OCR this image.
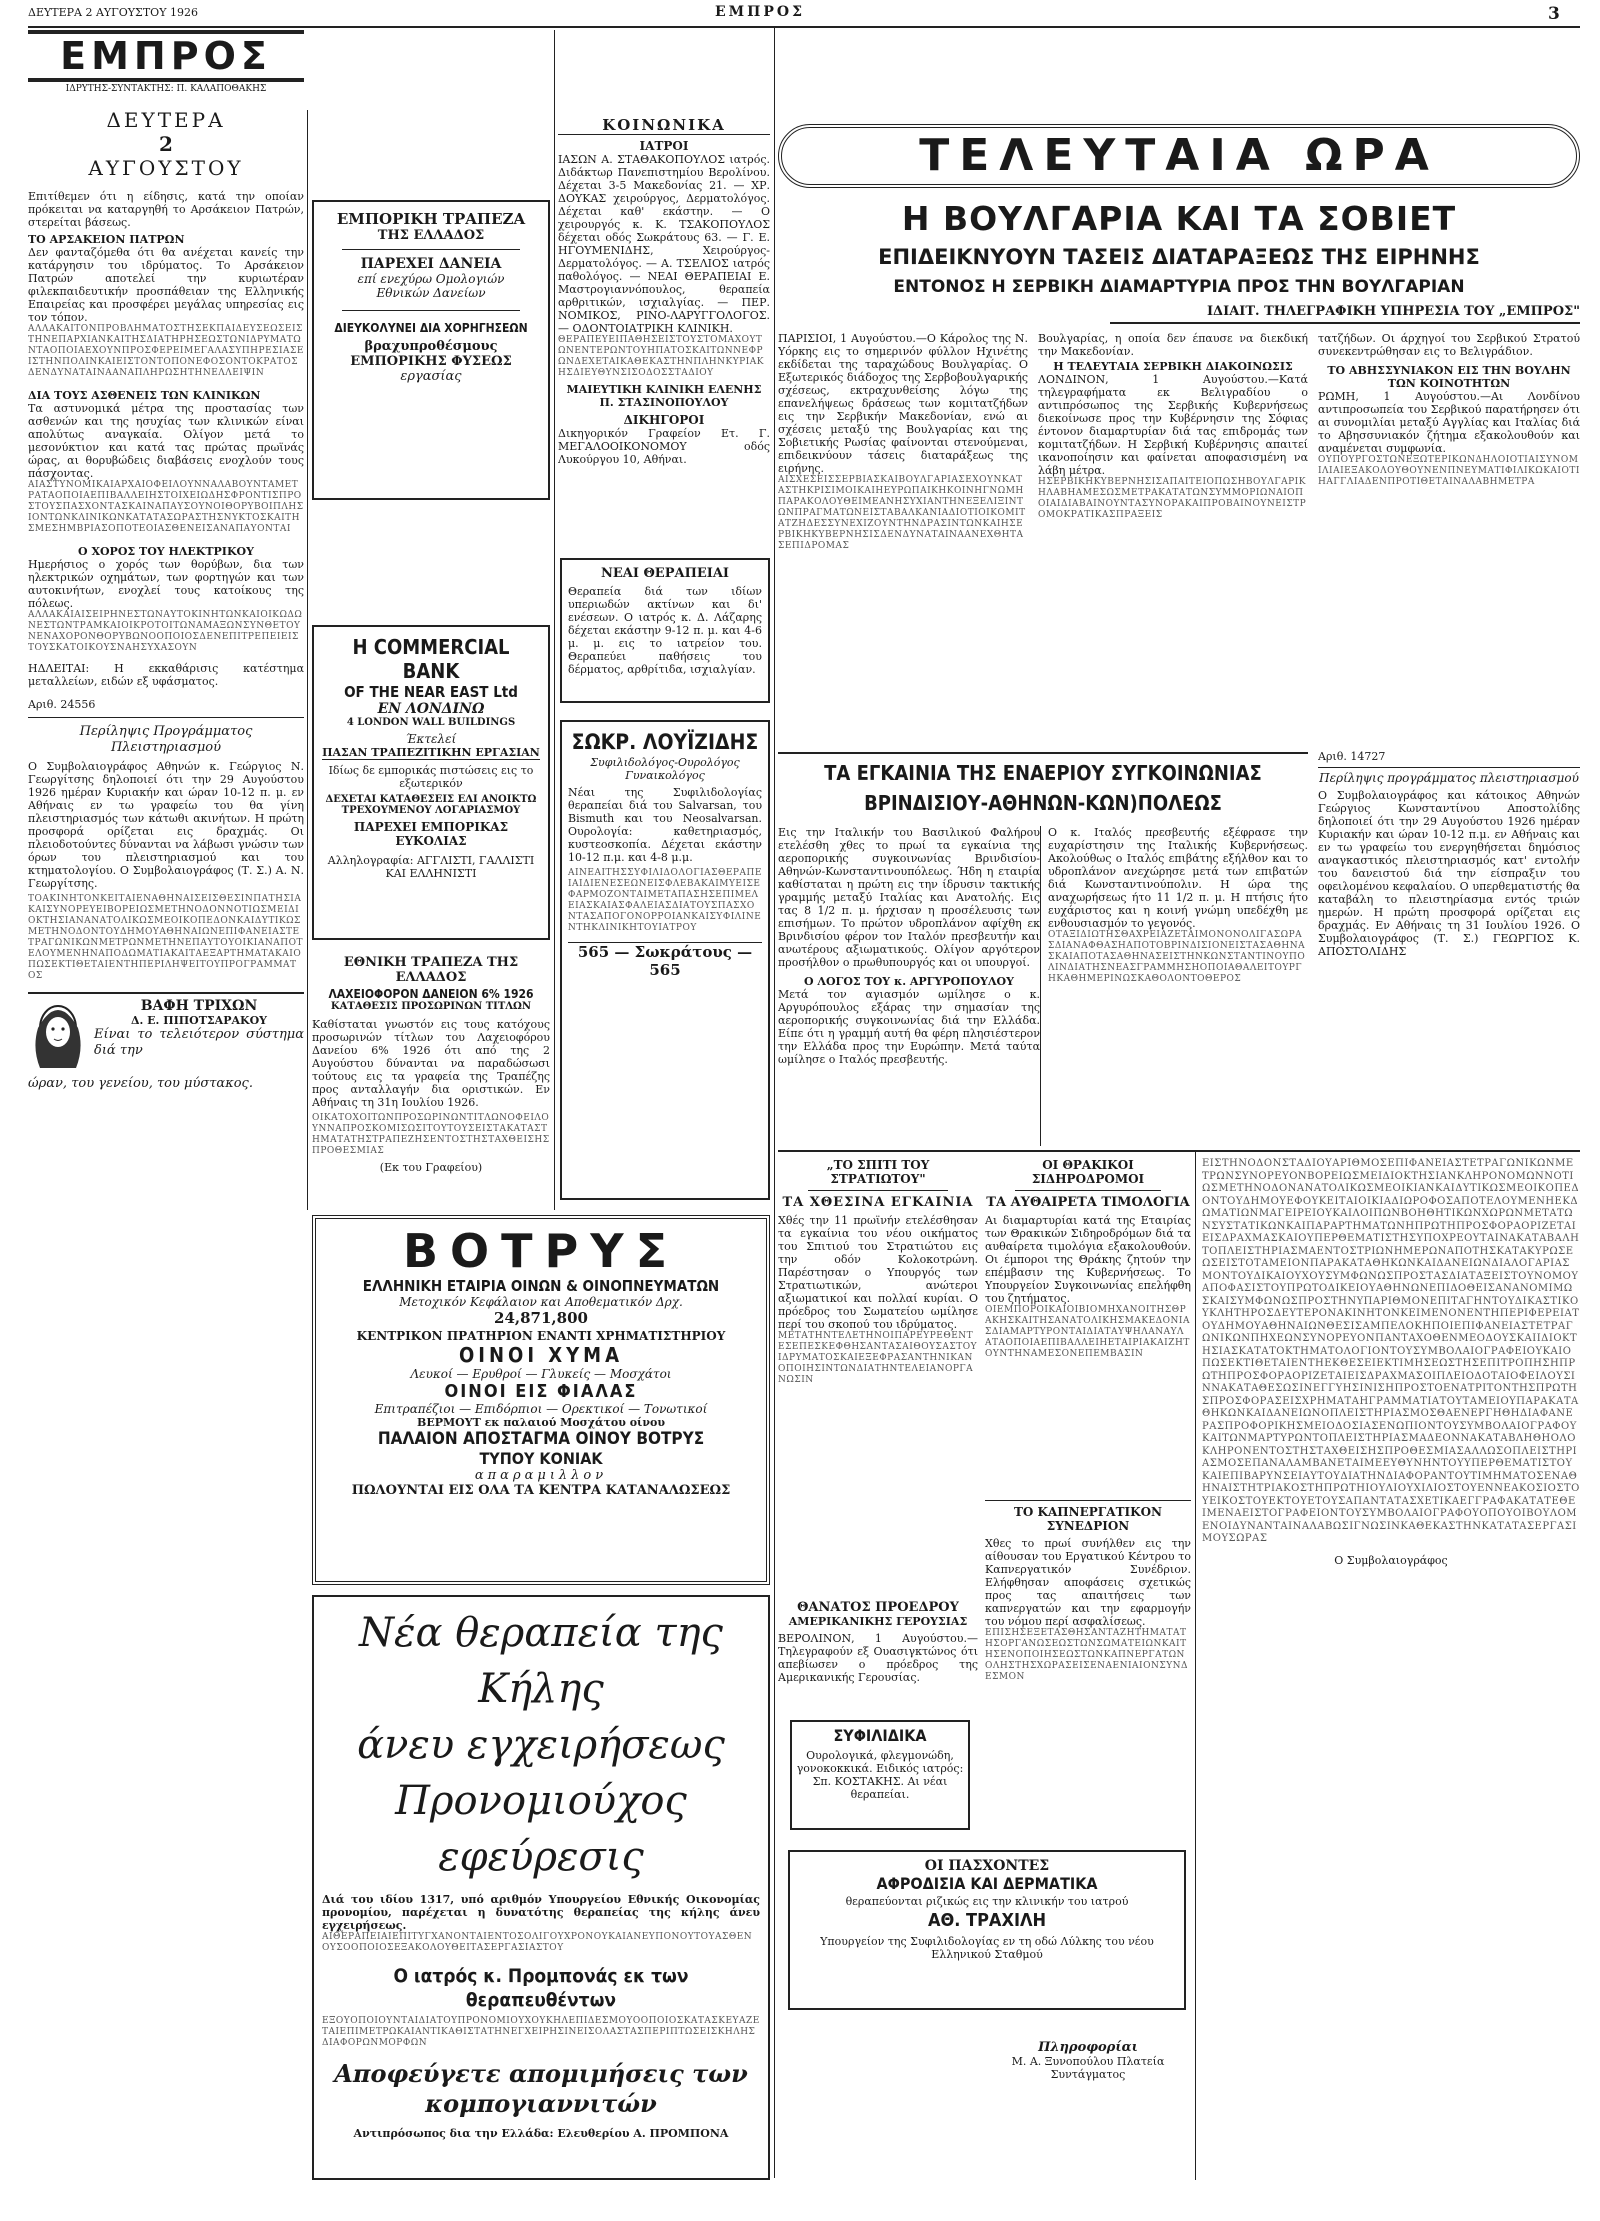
ΔΕΥΤΕΡΑ 2 ΑΥΓΟΥΣΤΟΥ 1926	ΕΜΠΡΟΣ	3
ΕΜΠΡΟΣ
ΙΔΡΥΤΗΣ-ΣΥΝΤΑΚΤΗΣ: Π. ΚΑΛΑΠΟΘΑΚΗΣ
ΔΕΥΤΕΡΑ
2
ΑΥΓΟΥΣΤΟΥ
Επιτίθεμεν ότι η είδησις, κατά την οποίαν πρόκειται να καταργηθή το Αρσάκειον Πατρών, στερείται βάσεως.
ΤΟ ΑΡΣΑΚΕΙΟΝ ΠΑΤΡΩΝ
Δεν φανταζόμεθα ότι θα ανέχεται κανείς την κατάργησιν του ιδρύματος. Το Αρσάκειον Πατρών αποτελεί την κυριωτέραν φιλεκπαιδευτικήν προσπάθειαν της Ελληνικής Επαιρείας και προσφέρει μεγάλας υπηρεσίας εις τον τόπον.
ΑΛΛΑΚΑΙΤΟΝΠΡΟΒΛΗΜΑΤΟΣΤΗΣΕΚΠΑΙΔΕΥΣΕΩΣΕΙΣΤΗΝΕΠΑΡΧΙΑΝΚΑΙΤΗΣΔΙΑΤΗΡΗΣΕΩΣΤΩΝΙΔΡΥΜΑΤΩΝΤΑΟΠΟΙΑΕΧΟΥΝΠΡΟΣΦΕΡΕΙΜΕΓΑΛΑΣΥΠΗΡΕΣΙΑΣΕΙΣΤΗΝΠΟΛΙΝΚΑΙΕΙΣΤΟΝΤΟΠΟΝΕΦΟΣΟΝΤΟΚΡΑΤΟΣΔΕΝΔΥΝΑΤΑΙΝΑΑΝΑΠΛΗΡΩΣΗΤΗΝΕΛΛΕΙΨΙΝ
ΔΙΑ ΤΟΥΣ ΑΣΘΕΝΕΙΣ ΤΩΝ ΚΛΙΝΙΚΩΝ
Τα αστυνομικά μέτρα της προστασίας των ασθενών και της ησυχίας των κλινικών είναι απολύτως αναγκαία. Ολίγον μετά το μεσονύκτιον και κατά τας πρώτας πρωϊνάς ώρας, αι θορυβώδεις διαβάσεις ενοχλούν τους πάσχοντας.
ΑΙΑΣΤΥΝΟΜΙΚΑΙΑΡΧΑΙΟΦΕΙΛΟΥΝΝΑΛΑΒΟΥΝΤΑΜΕΤΡΑΤΑΟΠΟΙΑΕΠΙΒΑΛΛΕΙΗΣΤΟΙΧΕΙΩΔΗΣΦΡΟΝΤΙΣΠΡΟΣΤΟΥΣΠΑΣΧΟΝΤΑΣΚΑΙΝΑΠΑΥΣΟΥΝΟΙΘΟΡΥΒΟΙΠΛΗΣΙΟΝΤΩΝΚΛΙΝΙΚΩΝΚΑΤΑΤΑΣΩΡΑΣΤΗΣΝΥΚΤΟΣΚΑΙΤΗΣΜΕΣΗΜΒΡΙΑΣΟΠΟΤΕΟΙΑΣΘΕΝΕΙΣΑΝΑΠΑΥΟΝΤΑΙ
Ο ΧΟΡΟΣ ΤΟΥ ΗΛΕΚΤΡΙΚΟΥ
Ημερήσιος ο χορός των θορύβων, δια των ηλεκτρικών οχημάτων, των φορτηγών και των αυτοκινήτων, ενοχλεί τους κατοίκους της πόλεως.
ΑΛΛΑΚΑΙΑΙΣΕΙΡΗΝΕΣΤΩΝΑΥΤΟΚΙΝΗΤΩΝΚΑΙΟΙΚΩΔΩΝΕΣΤΩΝΤΡΑΜΚΑΙΟΙΚΡΟΤΟΙΤΩΝΑΜΑΞΩΝΣΥΝΘΕΤΟΥΝΕΝΑΧΟΡΟΝΘΟΡΥΒΩΝΟΟΠΟΙΟΣΔΕΝΕΠΙΤΡΕΠΕΙΕΙΣΤΟΥΣΚΑΤΟΙΚΟΥΣΝΑΗΣΥΧΑΣΟΥΝ
ΗΔΛΕΙΤΑΙ: Η εκκαθάρισις κατέστημα μεταλλείων, ειδών εξ υφάσματος.
Αριθ. 24556
Περίληψις Προγράμματος Πλειστηριασμού
Ο Συμβολαιογράφος Αθηνών κ. Γεώργιος Ν. Γεωργίτσης δηλοποιεί ότι την 29 Αυγούστου 1926 ημέραν Κυριακήν και ώραν 10-12 π. μ. εν Αθήναις εν τω γραφείω του θα γίνη πλειστηριασμός των κάτωθι ακινήτων. Η πρώτη προσφορά ορίζεται εις δραχμάς. Οι πλειοδοτούντες δύνανται να λάβωσι γνώσιν των όρων του πλειστηριασμού και του κτηματολογίου. Ο Συμβολαιογράφος (Τ. Σ.) Α. Ν. Γεωργίτσης.
ΤΟΑΚΙΝΗΤΟΝΚΕΙΤΑΙΕΝΑΘΗΝΑΙΣΕΙΣΘΕΣΙΝΠΑΤΗΣΙΑΚΑΙΣΥΝΟΡΕΥΕΙΒΟΡΕΙΩΣΜΕΤΗΝΟΔΟΝΝΟΤΙΩΣΜΕΙΔΙΟΚΤΗΣΙΑΝΑΝΑΤΟΛΙΚΩΣΜΕΟΙΚΟΠΕΔΟΝΚΑΙΔΥΤΙΚΩΣΜΕΤΗΝΟΔΟΝΤΟΥΔΗΜΟΥΑΘΗΝΑΙΩΝΕΠΙΦΑΝΕΙΑΣΤΕΤΡΑΓΩΝΙΚΩΝΜΕΤΡΩΝΜΕΤΗΝΕΠΑΥΤΟΥΟΙΚΙΑΝΑΠΟΤΕΛΟΥΜΕΝΗΝΑΠΟΔΩΜΑΤΙΑΚΑΙΤΑΕΞΑΡΤΗΜΑΤΑΚΑΙΟΠΩΣΕΚΤΙΘΕΤΑΙΕΝΤΗΠΕΡΙΛΗΨΕΙΤΟΥΠΡΟΓΡΑΜΜΑΤΟΣ
ΒΑΦΗ ΤΡΙΧΩΝ
Δ. Ε. ΠΙΠΟΤΣΑΡΑΚΟΥ
Είναι το τελειότερον σύστημα διά την
ώραν, του γενείου, του μύστακος.
ΕΜΠΟΡΙΚΗ ΤΡΑΠΕΖΑ
ΤΗΣ ΕΛΛΑΔΟΣ
ΠΑΡΕΧΕΙ ΔΑΝΕΙΑ
επί ενεχύρω Ομολογιών
Εθνικών Δανείων
ΔΙΕΥΚΟΛΥΝΕΙ ΔΙΑ ΧΟΡΗΓΗΣΕΩΝ
βραχυπροθέσμους ΕΜΠΟΡΙΚΗΣ ΦΥΣΕΩΣ
εργασίας
Η COMMERCIAL BANK
OF THE NEAR EAST Ltd
ΕΝ ΛΟΝΔΙΝΩ
4 LONDON WALL BUILDINGS
Έκτελεί
ΠΑΣΑΝ ΤΡΑΠΕΖΙΤΙΚΗΝ ΕΡΓΑΣΙΑΝ
Ιδίως δε εμπορικάς πιστώσεις εις το εξωτερικόν
ΔΕΧΕΤΑΙ ΚΑΤΑΘΕΣΕΙΣ ΕΛΙ ΑΝΟΙΚΤΩ
ΤΡΕΧΟΥΜΕΝΟΥ ΛΟΓΑΡΙΑΣΜΟΥ
ΠΑΡΕΧΕΙ ΕΜΠΟΡΙΚΑΣ ΕΥΚΟΛΙΑΣ
Αλληλογραφία: ΑΓΓΛΙΣΤΙ, ΓΑΛΛΙΣΤΙ ΚΑΙ ΕΛΛΗΝΙΣΤΙ
ΕΘΝΙΚΗ ΤΡΑΠΕΖΑ ΤΗΣ ΕΛΛΑΔΟΣ
ΛΑΧΕΙΟΦΟΡΟΝ ΔΑΝΕΙΟΝ 6% 1926
ΚΑΤΑΘΕΣΙΣ ΠΡΟΣΩΡΙΝΩΝ ΤΙΤΛΩΝ
Καθίσταται γνωστόν εις τους κατόχους προσωρινών τίτλων του Λαχειοφόρου Δανείου 6% 1926 ότι από της 2 Αυγούστου δύνανται να παραδώσωσι τούτους εις τα γραφεία της Τραπέζης προς ανταλλαγήν δια οριστικών. Εν Αθήναις τη 31η Ιουλίου 1926.
ΟΙΚΑΤΟΧΟΙΤΩΝΠΡΟΣΩΡΙΝΩΝΤΙΤΛΩΝΟΦΕΙΛΟΥΝΝΑΠΡΟΣΚΟΜΙΣΩΣΙΤΟΥΤΟΥΣΕΙΣΤΑΚΑΤΑΣΤΗΜΑΤΑΤΗΣΤΡΑΠΕΖΗΣΕΝΤΟΣΤΗΣΤΑΧΘΕΙΣΗΣΠΡΟΘΕΣΜΙΑΣ
(Εκ του Γραφείου)
ΚΟΙΝΩΝΙΚΑ
ΙΑΤΡΟΙ
ΙΑΣΩΝ Α. ΣΤΑΘΑΚΟΠΟΥΛΟΣ ιατρός. Διδάκτωρ Πανεπιστημίου Βερολίνου. Δέχεται 3-5 Μακεδονίας 21. — ΧΡ. ΔΟΥΚΑΣ χειρούργος, Δερματολόγος. Δέχεται καθ' εκάστην. — Ο χειρουργός κ. Κ. ΤΣΑΚΟΠΟΥΛΟΣ δέχεται οδός Σωκράτους 63. — Γ. Ε. ΗΓΟΥΜΕΝΙΔΗΣ, Χειρούργος-Δερματολόγος. — Α. ΤΣΕΛΙΟΣ ιατρός παθολόγος. — ΝΕΑΙ ΘΕΡΑΠΕΙΑΙ Ε. Μαστρογιαννόπουλος, θεραπεία αρθριτικών, ισχιαλγίας. — ΠΕΡ. ΝΟΜΙΚΟΣ, ΡΙΝΟ-ΛΑΡΥΓΓΟΛΟΓΟΣ. — ΟΔΟΝΤΟΙΑΤΡΙΚΗ ΚΛΙΝΙΚΗ.
ΘΕΡΑΠΕΥΕΙΠΑΘΗΣΕΙΣΤΟΥΣΤΟΜΑΧΟΥΤΩΝΕΝΤΕΡΩΝΤΟΥΗΠΑΤΟΣΚΑΙΤΩΝΝΕΦΡΩΝΔΕΧΕΤΑΙΚΑΘΕΚΑΣΤΗΝΠΛΗΝΚΥΡΙΑΚΗΣΔΙΕΥΘΥΝΣΙΣΟΔΟΣΣΤΑΔΙΟΥ
ΜΑΙΕΥΤΙΚΗ ΚΛΙΝΙΚΗ ΕΛΕΝΗΣ Π. ΣΤΑΣΙΝΟΠΟΥΛΟΥ
ΔΙΚΗΓΟΡΟΙ
Δικηγορικόν Γραφείον Ετ. Γ. ΜΕΓΑΛΟΟΙΚΟΝΟΜΟΥ οδός Λυκούργου 10, Αθήναι.
ΝΕΑΙ ΘΕΡΑΠΕΙΑΙ
Θεραπεία διά των ιδίων υπεριωδών ακτίνων και δι' ενέσεων. Ο ιατρός κ. Δ. Λάζαρης δέχεται εκάστην 9-12 π. μ. και 4-6 μ. μ. εις το ιατρείον του. Θεραπεύει παθήσεις του δέρματος, αρθρίτιδα, ισχιαλγίαν.
ΣΩΚΡ. ΛΟΥΪΖΙΔΗΣ
Συφιλιδολόγος-Ουρολόγος Γυναικολόγος
Νέαι της Συφιλιδολογίας θεραπείαι διά του Salvarsan, του Bismuth και του Neosalvarsan. Ουρολογία: καθετηριασμός, κυστεοσκοπία. Δέχεται εκάστην 10-12 π.μ. και 4-8 μ.μ.
ΑΙΝΕΑΙΤΗΣΣΥΦΙΛΙΔΟΛΟΓΙΑΣΘΕΡΑΠΕΙΑΙΔΙΕΝΕΣΕΩΝΕΙΣΦΛΕΒΑΚΑΙΜΥΕΙΣΕΦΑΡΜΟΖΟΝΤΑΙΜΕΤΑΠΑΣΗΣΕΠΙΜΕΛΕΙΑΣΚΑΙΑΣΦΑΛΕΙΑΣΔΙΑΤΟΥΣΠΑΣΧΟΝΤΑΣΑΠΟΓΟΝΟΡΡΟΙΑΝΚΑΙΣΥΦΙΛΙΝΕΝΤΗΚΛΙΝΙΚΗΤΟΥΙΑΤΡΟΥ
565 — Σωκράτους — 565
ΤΕΛΕΥΤΑΙΑ ΩΡΑ
Η ΒΟΥΛΓΑΡΙΑ ΚΑΙ ΤΑ ΣΟΒΙΕΤ
ΕΠΙΔΕΙΚΝΥΟΥΝ ΤΑΣΕΙΣ ΔΙΑΤΑΡΑΞΕΩΣ ΤΗΣ ΕΙΡΗΝΗΣ
ΕΝΤΟΝΟΣ Η ΣΕΡΒΙΚΗ ΔΙΑΜΑΡΤΥΡΙΑ ΠΡΟΣ ΤΗΝ ΒΟΥΛΓΑΡΙΑΝ
ΙΔΙΑΙΤ. ΤΗΛΕΓΡΑΦΙΚΗ ΥΠΗΡΕΣΙΑ ΤΟΥ „ΕΜΠΡΟΣ"
ΠΑΡΙΣΙΟΙ, 1 Αυγούστου.—Ο Κάρολος της Ν. Υόρκης εις το σημερινόν φύλλον Ηχινέτης εκδίδεται της ταραχώδους Βουλγαρίας. Ο Εξωτερικός διάδοχος της Σερβοβουλγαρικής σχέσεως, εκτραχυνθείσης λόγω της επανελήψεως δράσεως των κομιτατζήδων εις την Σερβικήν Μακεδονίαν, ενώ αι σχέσεις μεταξύ της Βουλγαρίας και της Σοβιετικής Ρωσίας φαίνονται στενούμεναι, επιδεικνύουν τάσεις διαταράξεως της ειρήνης.
ΑΙΣΧΕΣΕΙΣΣΕΡΒΙΑΣΚΑΙΒΟΥΛΓΑΡΙΑΣΕΧΟΥΝΚΑΤΑΣΤΗΚΡΙΣΙΜΟΙΚΑΙΗΕΥΡΩΠΑΙΚΗΚΟΙΝΗΓΝΩΜΗΠΑΡΑΚΟΛΟΥΘΕΙΜΕΑΝΗΣΥΧΙΑΝΤΗΝΕΞΕΛΙΞΙΝΤΩΝΠΡΑΓΜΑΤΩΝΕΙΣΤΑΒΑΛΚΑΝΙΑΔΙΟΤΙΟΙΚΟΜΙΤΑΤΖΗΔΕΣΣΥΝΕΧΙΖΟΥΝΤΗΝΔΡΑΣΙΝΤΩΝΚΑΙΗΣΕΡΒΙΚΗΚΥΒΕΡΝΗΣΙΣΔΕΝΔΥΝΑΤΑΙΝΑΑΝΕΧΘΗΤΑΣΕΠΙΔΡΟΜΑΣ
Βουλγαρίας, η οποία δεν έπαυσε να διεκδική την Μακεδονίαν.
Η ΤΕΛΕΥΤΑΙΑ ΣΕΡΒΙΚΗ ΔΙΑΚΟΙΝΩΣΙΣ
ΛΟΝΔΙΝΟΝ, 1 Αυγούστου.—Κατά τηλεγραφήματα εκ Βελιγραδίου ο αντιπρόσωπος της Σερβικής Κυβερνήσεως διεκοίνωσε προς την Κυβέρνησιν της Σόφιας έντονον διαμαρτυρίαν διά τας επιδρομάς των κομιτατζήδων. Η Σερβική Κυβέρνησις απαιτεί ικανοποίησιν και φαίνεται αποφασισμένη να λάβη μέτρα.
ΗΣΕΡΒΙΚΗΚΥΒΕΡΝΗΣΙΣΑΠΑΙΤΕΙΟΠΩΣΗΒΟΥΛΓΑΡΙΚΗΛΑΒΗΑΜΕΣΩΣΜΕΤΡΑΚΑΤΑΤΩΝΣΥΜΜΟΡΙΩΝΑΙΟΠΟΙΑΙΔΙΑΒΑΙΝΟΥΝΤΑΣΥΝΟΡΑΚΑΙΠΡΟΒΑΙΝΟΥΝΕΙΣΤΡΟΜΟΚΡΑΤΙΚΑΣΠΡΑΞΕΙΣ
τατζήδων. Οι άρχηγοί του Σερβικού Στρατού συνεκεντρώθησαν εις το Βελιγράδιον.
ΤΟ ΑΒΗΣΣΥΝΙΑΚΟΝ ΕΙΣ ΤΗΝ ΒΟΥΛΗΝ ΤΩΝ ΚΟΙΝΟΤΗΤΩΝ
ΡΩΜΗ, 1 Αυγούστου.—Αι Λονδίνου αντιπροσωπεία του Σερβικού παρατήρησεν ότι αι συνομιλίαι μεταξύ Αγγλίας και Ιταλίας διά το Αβησσυνιακόν ζήτημα εξακολουθούν και αναμένεται συμφωνία.
ΟΥΠΟΥΡΓΟΣΤΩΝΕΞΩΤΕΡΙΚΩΝΔΗΛΟΙΟΤΙΑΙΣΥΝΟΜΙΛΙΑΙΕΞΑΚΟΛΟΥΘΟΥΝΕΝΠΝΕΥΜΑΤΙΦΙΛΙΚΩΚΑΙΟΤΙΗΑΓΓΛΙΑΔΕΝΠΡΟΤΙΘΕΤΑΙΝΑΛΑΒΗΜΕΤΡΑ
Αριθ. 14727
Περίληψις προγράμματος πλειστηριασμού
Ο Συμβολαιογράφος και κάτοικος Αθηνών Γεώργιος Κωνσταντίνου Αποστολίδης δηλοποιεί ότι την 29 Αυγούστου 1926 ημέραν Κυριακήν και ώραν 10-12 π.μ. εν Αθήναις και εν τω γραφείω του ενεργηθήσεται δημόσιος αναγκαστικός πλειστηριασμός κατ' εντολήν του δανειστού διά την είσπραξιν του οφειλομένου κεφαλαίου. Ο υπερθεματιστής θα καταβάλη το πλειστηρίασμα εντός τριών ημερών. Η πρώτη προσφορά ορίζεται εις δραχμάς. Εν Αθήναις τη 31 Ιουλίου 1926. Ο Συμβολαιογράφος (Τ. Σ.) ΓΕΩΡΓΙΟΣ Κ. ΑΠΟΣΤΟΛΙΔΗΣ
ΤΑ ΕΓΚΑΙΝΙΑ ΤΗΣ ΕΝΑΕΡΙΟΥ ΣΥΓΚΟΙΝΩΝΙΑΣ
ΒΡΙΝΔΙΣΙΟΥ-ΑΘΗΝΩΝ-ΚΩΝ)ΠΟΛΕΩΣ
Εις την Ιταλικήν του Βασιλικού Φαλήρου ετελέσθη χθες το πρωί τα εγκαίνια της αεροπορικής συγκοινωνίας Βρινδισίου-Αθηνών-Κωνσταντινουπόλεως. Ήδη η εταιρία καθίσταται η πρώτη εις την ίδρυσιν τακτικής γραμμής μεταξύ Ιταλίας και Ανατολής. Εις τας 8 1/2 π. μ. ήρχισαν η προσέλευσις των επισήμων. Το πρώτον υδροπλάνον αφίχθη εκ Βρινδισίου φέρον τον Ιταλόν πρεσβευτήν και ανωτέρους αξιωματικούς. Ολίγον αργότερον προσήλθον ο πρωθυπουργός και οι υπουργοί.
Ο ΛΟΓΟΣ ΤΟΥ κ. ΑΡΓΥΡΟΠΟΥΛΟΥ
Μετά τον αγιασμόν ωμίλησε ο κ. Αργυρόπουλος εξάρας την σημασίαν της αεροπορικής συγκοινωνίας διά την Ελλάδα. Είπε ότι η γραμμή αυτή θα φέρη πλησιέστερον την Ελλάδα προς την Ευρώπην. Μετά ταύτα ωμίλησε ο Ιταλός πρεσβευτής.
Ο κ. Ιταλός πρεσβευτής εξέφρασε την ευχαρίστησιν της Ιταλικής Κυβερνήσεως. Ακολούθως ο Ιταλός επιβάτης εξήλθον και το υδροπλάνον ανεχώρησε μετά των επιβατών διά Κωνσταντινούπολιν. Η ώρα της αναχωρήσεως ήτο 11 1/2 π. μ. Η πτήσις ήτο ευχάριστος και η κοινή γνώμη υπεδέχθη με ενθουσιασμόν το γεγονός.
ΟΤΑΞΙΔΙΩΤΗΣΘΑΧΡΕΙΑΖΕΤΑΙΜΟΝΟΝΟΛΙΓΑΣΩΡΑΣΔΙΑΝΑΦΘΑΣΗΑΠΟΤΟΒΡΙΝΔΙΣΙΟΝΕΙΣΤΑΣΑΘΗΝΑΣΚΑΙΑΠΟΤΑΣΑΘΗΝΑΣΕΙΣΤΗΝΚΩΝΣΤΑΝΤΙΝΟΥΠΟΛΙΝΔΙΑΤΗΣΝΕΑΣΓΡΑΜΜΗΣΗΟΠΟΙΑΘΑΛΕΙΤΟΥΡΓΗΚΑΘΗΜΕΡΙΝΩΣΚΑΘΟΛΟΝΤΟΘΕΡΟΣ
ΒΟΤΡΥΣ
ΕΛΛΗΝΙΚΗ ΕΤΑΙΡΙΑ ΟΙΝΩΝ & ΟΙΝΟΠΝΕΥΜΑΤΩΝ
Μετοχικόν Κεφάλαιον και Αποθεματικόν Δρχ.
24,871,800
ΚΕΝΤΡΙΚΟΝ ΠΡΑΤΗΡΙΟΝ ΕΝΑΝΤΙ ΧΡΗΜΑΤΙΣΤΗΡΙΟΥ
ΟΙΝΟΙ ΧΥΜΑ
Λευκοί — Ερυθροί — Γλυκείς — Μοσχάτοι
ΟΙΝΟΙ ΕΙΣ ΦΙΑΛΑΣ
Επιτραπέζιοι — Επιδόρπιοι — Ορεκτικοί — Τονωτικοί
ΒΕΡΜΟΥΤ εκ παλαιού Μοσχάτου οίνου
ΠΑΛΑΙΟΝ ΑΠΟΣΤΑΓΜΑ ΟΙΝΟΥ ΒΟΤΡΥΣ
ΤΥΠΟΥ ΚΟΝΙΑΚ
απαραμιλλον
ΠΩΛΟΥΝΤΑΙ ΕΙΣ ΟΛΑ ΤΑ ΚΕΝΤΡΑ ΚΑΤΑΝΑΛΩΣΕΩΣ
Νέα θεραπεία της Κήλης
άνευ εγχειρήσεως
Προνομιούχος εφεύρεσις
Διά του ιδίου 1317, υπό αριθμόν Υπουργείου Εθνικής Οικονομίας προνομίου, παρέχεται η δυνατότης θεραπείας της κήλης άνευ εγχειρήσεως.
ΑΙΘΕΡΑΠΕΙΑΙΕΠΙΤΥΓΧΑΝΟΝΤΑΙΕΝΤΟΣΟΛΙΓΟΥΧΡΟΝΟΥΚΑΙΑΝΕΥΠΟΝΟΥΤΟΥΑΣΘΕΝΟΥΣΟΟΠΟΙΟΣΕΞΑΚΟΛΟΥΘΕΙΤΑΣΕΡΓΑΣΙΑΣΤΟΥ
Ο ιατρός κ. Προμπονάς εκ των θεραπευθέντων
ΕΞΟΥΟΠΟΙΟΥΝΤΑΙΔΙΑΤΟΥΠΡΟΝΟΜΙΟΥΧΟΥΚΗΛΕΠΙΔΕΣΜΟΥΟΟΠΟΙΟΣΚΑΤΑΣΚΕΥΑΖΕΤΑΙΕΠΙΜΕΤΡΩΚΑΙΑΝΤΙΚΑΘΙΣΤΑΤΗΝΕΓΧΕΙΡΗΣΙΝΕΙΣΟΛΑΣΤΑΣΠΕΡΙΠΤΩΣΕΙΣΚΗΛΗΣΔΙΑΦΟΡΩΝΜΟΡΦΩΝ
Αποφεύγετε απομιμήσεις των κομπογιαννιτών
Αντιπρόσωπος δια την Ελλάδα: Ελευθερίου Α. ΠΡΟΜΠΟΝΑ
„ΤΟ ΣΠΙΤΙ ΤΟΥ ΣΤΡΑΤΙΩΤΟΥ"
ΤΑ ΧΘΕΣΙΝΑ ΕΓΚΑΙΝΙΑ
Χθές την 11 πρωϊνήν ετελέσθησαν τα εγκαίνια του νέου οικήματος του Σπιτιού του Στρατιώτου εις την οδόν Κολοκοτρώνη. Παρέστησαν ο Υπουργός των Στρατιωτικών, ανώτεροι αξιωματικοί και πολλαί κυρίαι. Ο πρόεδρος του Σωματείου ωμίλησε περί του σκοπού του ιδρύματος.
ΜΕΤΑΤΗΝΤΕΛΕΤΗΝΟΙΠΑΡΕΥΡΕΘΕΝΤΕΣΕΠΕΣΚΕΦΘΗΣΑΝΤΑΣΑΙΘΟΥΣΑΣΤΟΥΙΔΡΥΜΑΤΟΣΚΑΙΕΞΕΦΡΑΣΑΝΤΗΝΙΚΑΝΟΠΟΙΗΣΙΝΤΩΝΔΙΑΤΗΝΤΕΛΕΙΑΝΟΡΓΑΝΩΣΙΝ
ΟΙ ΘΡΑΚΙΚΟΙ ΣΙΔΗΡΟΔΡΟΜΟΙ
ΤΑ ΑΥΘΑΙΡΕΤΑ ΤΙΜΟΛΟΓΙΑ
Αι διαμαρτυρίαι κατά της Εταιρίας των Θρακικών Σιδηροδρόμων διά τα αυθαίρετα τιμολόγια εξακολουθούν. Οι έμποροι της Θράκης ζητούν την επέμβασιν της Κυβερνήσεως. Το Υπουργείον Συγκοινωνίας επελήφθη του ζητήματος.
ΟΙΕΜΠΟΡΟΙΚΑΙΟΙΒΙΟΜΗΧΑΝΟΙΤΗΣΘΡΑΚΗΣΚΑΙΤΗΣΑΝΑΤΟΛΙΚΗΣΜΑΚΕΔΟΝΙΑΣΔΙΑΜΑΡΤΥΡΟΝΤΑΙΔΙΑΤΑΥΨΗΛΑΝΑΥΛΑΤΑΟΠΟΙΑΕΠΙΒΑΛΛΕΙΗΕΤΑΙΡΙΑΚΑΙΖΗΤΟΥΝΤΗΝΑΜΕΣΟΝΕΠΕΜΒΑΣΙΝ
ΘΑΝΑΤΟΣ ΠΡΟΕΔΡΟΥ
ΑΜΕΡΙΚΑΝΙΚΗΣ ΓΕΡΟΥΣΙΑΣ
ΒΕΡΟΛΙΝΟΝ, 1 Αυγούστου.—Τηλεγραφούν εξ Ουασιγκτώνος ότι απεβίωσεν ο πρόεδρος της Αμερικανικής Γερουσίας.
ΣΥΦΙΛΙΔΙΚΑ
Ουρολογικά, φλεγμονώδη, γονοκοκκικά. Ειδικός ιατρός: Σπ. ΚΟΣΤΑΚΗΣ. Αι νέαι θεραπείαι.
ΤΟ ΚΑΠΝΕΡΓΑΤΙΚΟΝ ΣΥΝΕΔΡΙΟΝ
Χθες το πρωί συνήλθεν εις την αίθουσαν του Εργατικού Κέντρου το Καπνεργατικόν Συνέδριον. Ελήφθησαν αποφάσεις σχετικώς προς τας απαιτήσεις των καπνεργατών και την εφαρμογήν του νόμου περί ασφαλίσεως.
ΕΠΙΣΗΣΕΞΕΤΑΣΘΗΣΑΝΤΑΖΗΤΗΜΑΤΑΤΗΣΟΡΓΑΝΩΣΕΩΣΤΩΝΣΩΜΑΤΕΙΩΝΚΑΙΤΗΣΕΝΟΠΟΙΗΣΕΩΣΤΩΝΚΑΠΝΕΡΓΑΤΩΝΟΛΗΣΤΗΣΧΩΡΑΣΕΙΣΕΝΑΕΝΙΑΙΟΝΣΥΝΔΕΣΜΟΝ
ΟΙ ΠΑΣΧΟΝΤΕΣ
ΑΦΡΟΔΙΣΙΑ ΚΑΙ ΔΕΡΜΑΤΙΚΑ
θεραπεύονται ριζικώς εις την κλινικήν του ιατρού
ΑΘ. ΤΡΑΧΙΛΗ
Υπουργείον της Συφιλιδολογίας εν τη οδώ Λύλκης του νέου Ελληνικού Σταθμού
Πληροφορίαι
Μ. Α. Ξυνοπούλου Πλατεία Συντάγματος
ΕΙΣΤΗΝΟΔΟΝΣΤΑΔΙΟΥΑΡΙΘΜΟΣΕΠΙΦΑΝΕΙΑΣΤΕΤΡΑΓΩΝΙΚΩΝΜΕΤΡΩΝΣΥΝΟΡΕΥΟΝΒΟΡΕΙΩΣΜΕΙΔΙΟΚΤΗΣΙΑΝΚΛΗΡΟΝΟΜΩΝΝΟΤΙΩΣΜΕΤΗΝΟΔΟΝΑΝΑΤΟΛΙΚΩΣΜΕΟΙΚΙΑΝΚΑΙΔΥΤΙΚΩΣΜΕΟΙΚΟΠΕΔΟΝΤΟΥΔΗΜΟΥΕΦΟΥΚΕΙΤΑΙΟΙΚΙΑΔΙΩΡΟΦΟΣΑΠΟΤΕΛΟΥΜΕΝΗΕΚΔΩΜΑΤΙΩΝΜΑΓΕΙΡΕΙΟΥΚΑΙΛΟΙΠΩΝΒΟΗΘΗΤΙΚΩΝΧΩΡΩΝΜΕΤΑΤΩΝΣΥΣΤΑΤΙΚΩΝΚΑΙΠΑΡΑΡΤΗΜΑΤΩΝΗΠΡΩΤΗΠΡΟΣΦΟΡΑΟΡΙΖΕΤΑΙΕΙΣΔΡΑΧΜΑΣΚΑΙΟΥΠΕΡΘΕΜΑΤΙΣΤΗΣΥΠΟΧΡΕΟΥΤΑΙΝΑΚΑΤΑΒΑΛΗΤΟΠΛΕΙΣΤΗΡΙΑΣΜΑΕΝΤΟΣΤΡΙΩΝΗΜΕΡΩΝΑΠΟΤΗΣΚΑΤΑΚΥΡΩΣΕΩΣΕΙΣΤΟΤΑΜΕΙΟΝΠΑΡΑΚΑΤΑΘΗΚΩΝΚΑΙΔΑΝΕΙΩΝΔΙΑΛΟΓΑΡΙΑΣΜΟΝΤΟΥΔΙΚΑΙΟΥΧΟΥΣΥΜΦΩΝΩΣΠΡΟΣΤΑΣΔΙΑΤΑΞΕΙΣΤΟΥΝΟΜΟΥΑΠΟΦΑΣΙΣΤΟΥΠΡΩΤΟΔΙΚΕΙΟΥΑΘΗΝΩΝΕΠΙΔΟΘΕΙΣΑΝΑΝΟΜΙΜΩΣΚΑΙΣΥΜΦΩΝΩΣΠΡΟΣΤΗΝΥΠΑΡΙΘΜΟΝΕΠΙΤΑΓΗΝΤΟΥΔΙΚΑΣΤΙΚΟΥΚΛΗΤΗΡΟΣΔΕΥΤΕΡΟΝΑΚΙΝΗΤΟΝΚΕΙΜΕΝΟΝΕΝΤΗΠΕΡΙΦΕΡΕΙΑΤΟΥΔΗΜΟΥΑΘΗΝΑΙΩΝΘΕΣΙΣΑΜΠΕΛΟΚΗΠΟΙΕΠΙΦΑΝΕΙΑΣΤΕΤΡΑΓΩΝΙΚΩΝΠΗΧΕΩΝΣΥΝΟΡΕΥΟΝΠΑΝΤΑΧΟΘΕΝΜΕΟΔΟΥΣΚΑΙΙΔΙΟΚΤΗΣΙΑΣΚΑΤΑΤΟΚΤΗΜΑΤΟΛΟΓΙΟΝΤΟΥΣΥΜΒΟΛΑΙΟΓΡΑΦΕΙΟΥΚΑΙΟΠΩΣΕΚΤΙΘΕΤΑΙΕΝΤΗΕΚΘΕΣΕΙΕΚΤΙΜΗΣΕΩΣΤΗΣΕΠΙΤΡΟΠΗΣΗΠΡΩΤΗΠΡΟΣΦΟΡΑΟΡΙΖΕΤΑΙΕΙΣΔΡΑΧΜΑΣΟΙΠΛΕΙΟΔΟΤΑΙΟΦΕΙΛΟΥΣΙΝΝΑΚΑΤΑΘΕΣΩΣΙΝΕΓΓΥΗΣΙΝΙΣΗΠΡΟΣΤΟΕΝΑΤΡΙΤΟΝΤΗΣΠΡΩΤΗΣΠΡΟΣΦΟΡΑΣΕΙΣΧΡΗΜΑΤΑΗΓΡΑΜΜΑΤΙΑΤΟΥΤΑΜΕΙΟΥΠΑΡΑΚΑΤΑΘΗΚΩΝΚΑΙΔΑΝΕΙΩΝΟΠΛΕΙΣΤΗΡΙΑΣΜΟΣΘΑΕΝΕΡΓΗΘΗΔΙΑΦΑΝΕΡΑΣΠΡΟΦΟΡΙΚΗΣΜΕΙΟΔΟΣΙΑΣΕΝΩΠΙΟΝΤΟΥΣΥΜΒΟΛΑΙΟΓΡΑΦΟΥΚΑΙΤΩΝΜΑΡΤΥΡΩΝΤΟΠΛΕΙΣΤΗΡΙΑΣΜΑΔΕΟΝΝΑΚΑΤΑΒΛΗΘΗΟΛΟΚΛΗΡΟΝΕΝΤΟΣΤΗΣΤΑΧΘΕΙΣΗΣΠΡΟΘΕΣΜΙΑΣΑΛΛΩΣΟΠΛΕΙΣΤΗΡΙΑΣΜΟΣΕΠΑΝΑΛΑΜΒΑΝΕΤΑΙΜΕΕΥΘΥΝΗΝΤΟΥΥΠΕΡΘΕΜΑΤΙΣΤΟΥΚΑΙΕΠΙΒΑΡΥΝΣΕΙΑΥΤΟΥΔΙΑΤΗΝΔΙΑΦΟΡΑΝΤΟΥΤΙΜΗΜΑΤΟΣΕΝΑΘΗΝΑΙΣΤΗΤΡΙΑΚΟΣΤΗΠΡΩΤΗΙΟΥΛΙΟΥΧΙΛΙΟΣΤΟΥΕΝΝΕΑΚΟΣΙΟΣΤΟΥΕΙΚΟΣΤΟΥΕΚΤΟΥΕΤΟΥΣΑΠΑΝΤΑΤΑΣΧΕΤΙΚΑΕΓΓΡΑΦΑΚΑΤΑΤΕΘΕΙΜΕΝΑΕΙΣΤΟΓΡΑΦΕΙΟΝΤΟΥΣΥΜΒΟΛΑΙΟΓΡΑΦΟΥΟΠΟΥΟΙΒΟΥΛΟΜΕΝΟΙΔΥΝΑΝΤΑΙΝΑΛΑΒΩΣΙΓΝΩΣΙΝΚΑΘΕΚΑΣΤΗΝΚΑΤΑΤΑΣΕΡΓΑΣΙΜΟΥΣΩΡΑΣ
Ο Συμβολαιογράφος
